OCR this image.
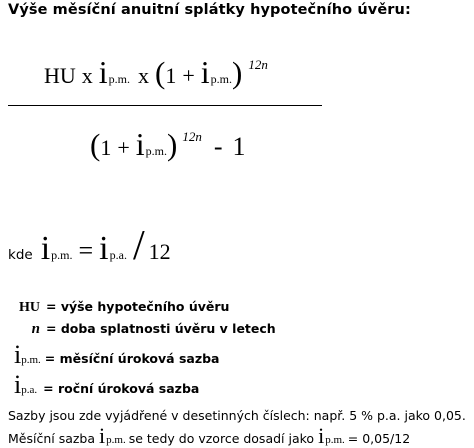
Výše měsíční anuitní splátky hypotečního úvěru:
HU x i p.m. x ( 1 + i p.m. ) 12n
( 1 + i p.m. ) 12n - 1
kde i p.m. = i p.a. / 12
HU = výše hypotečního úvěru
n = doba splatnosti úvěru v letech
i p.m. = měsíční úroková sazba
i p.a. = roční úroková sazba
Sazby jsou zde vyjádřené v desetinných číslech: např. 5 % p.a. jako 0,05.
Měsíční sazba i p.m. se tedy do vzorce dosadí jako i p.m. = 0,05/12
